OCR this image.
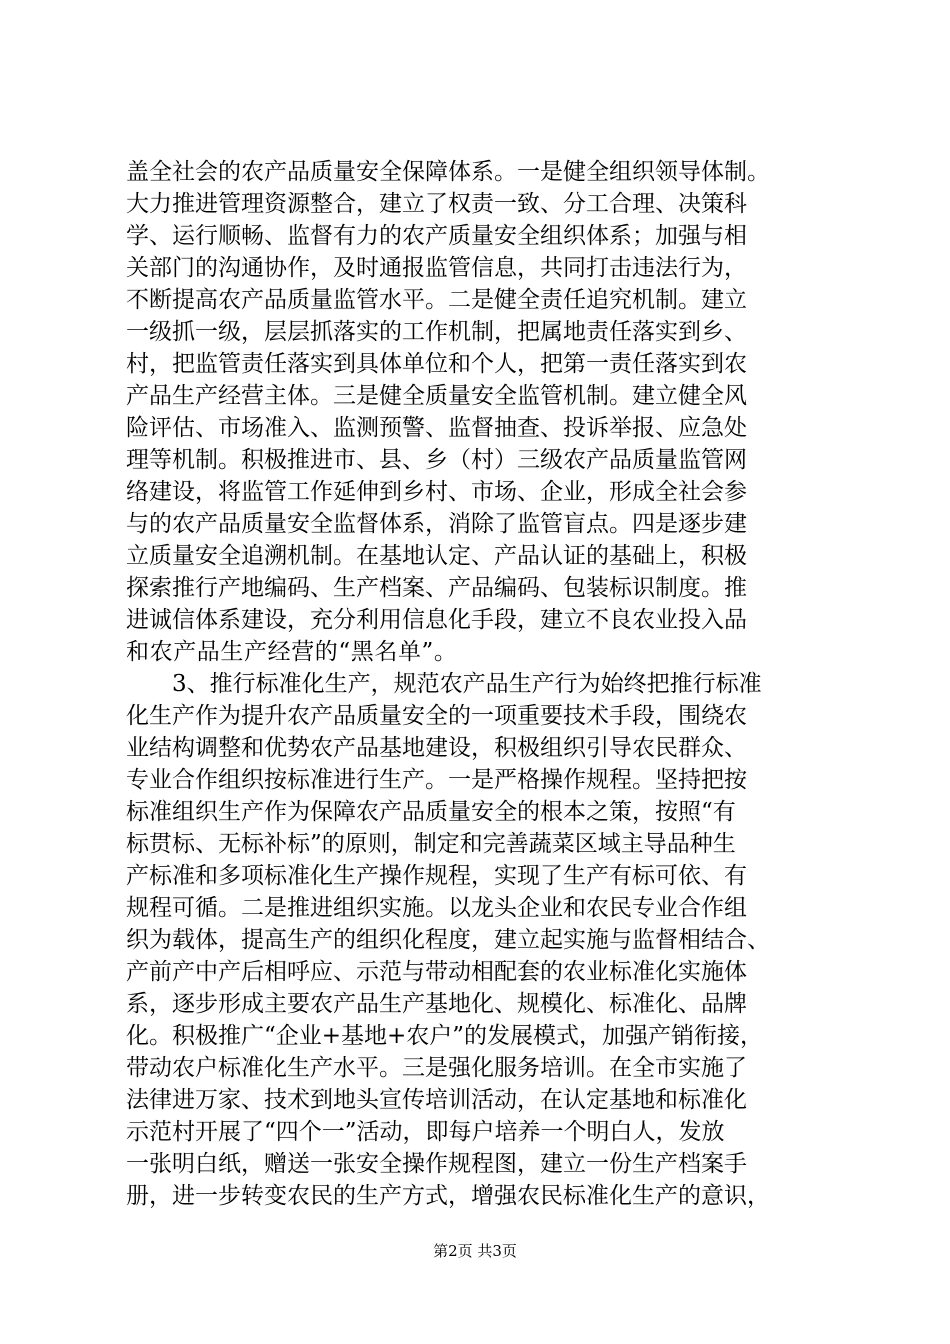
盖全社会的农产品质量安全保障体系。一是健全组织领导体制。
大力推进管理资源整合，建立了权责一致、分工合理、决策科
学、运行顺畅、监督有力的农产质量安全组织体系；加强与相
关部门的沟通协作，及时通报监管信息，共同打击违法行为，
不断提高农产品质量监管水平。二是健全责任追究机制。建立
一级抓一级，层层抓落实的工作机制，把属地责任落实到乡、
村，把监管责任落实到具体单位和个人，把第一责任落实到农
产品生产经营主体。三是健全质量安全监管机制。建立健全风
险评估、市场准入、监测预警、监督抽查、投诉举报、应急处
理等机制。积极推进市、县、乡（村）三级农产品质量监管网
络建设，将监管工作延伸到乡村、市场、企业，形成全社会参
与的农产品质量安全监督体系，消除了监管盲点。四是逐步建
立质量安全追溯机制。在基地认定、产品认证的基础上，积极
探索推行产地编码、生产档案、产品编码、包装标识制度。推
进诚信体系建设，充分利用信息化手段，建立不良农业投入品
和农产品生产经营的“黑名单”。
　　3、推行标准化生产，规范农产品生产行为始终把推行标准
化生产作为提升农产品质量安全的一项重要技术手段，围绕农
业结构调整和优势农产品基地建设，积极组织引导农民群众、
专业合作组织按标准进行生产。一是严格操作规程。坚持把按
标准组织生产作为保障农产品质量安全的根本之策，按照“有
标贯标、无标补标”的原则，制定和完善蔬菜区域主导品种生
产标准和多项标准化生产操作规程，实现了生产有标可依、有
规程可循。二是推进组织实施。以龙头企业和农民专业合作组
织为载体，提高生产的组织化程度，建立起实施与监督相结合、
产前产中产后相呼应、示范与带动相配套的农业标准化实施体
系，逐步形成主要农产品生产基地化、规模化、标准化、品牌
化。积极推广“企业+基地+农户”的发展模式，加强产销衔接，
带动农户标准化生产水平。三是强化服务培训。在全市实施了
法律进万家、技术到地头宣传培训活动，在认定基地和标准化
示范村开展了“四个一”活动，即每户培养一个明白人，发放
一张明白纸，赠送一张安全操作规程图，建立一份生产档案手
册，进一步转变农民的生产方式，增强农民标准化生产的意识，
第2页 共3页
